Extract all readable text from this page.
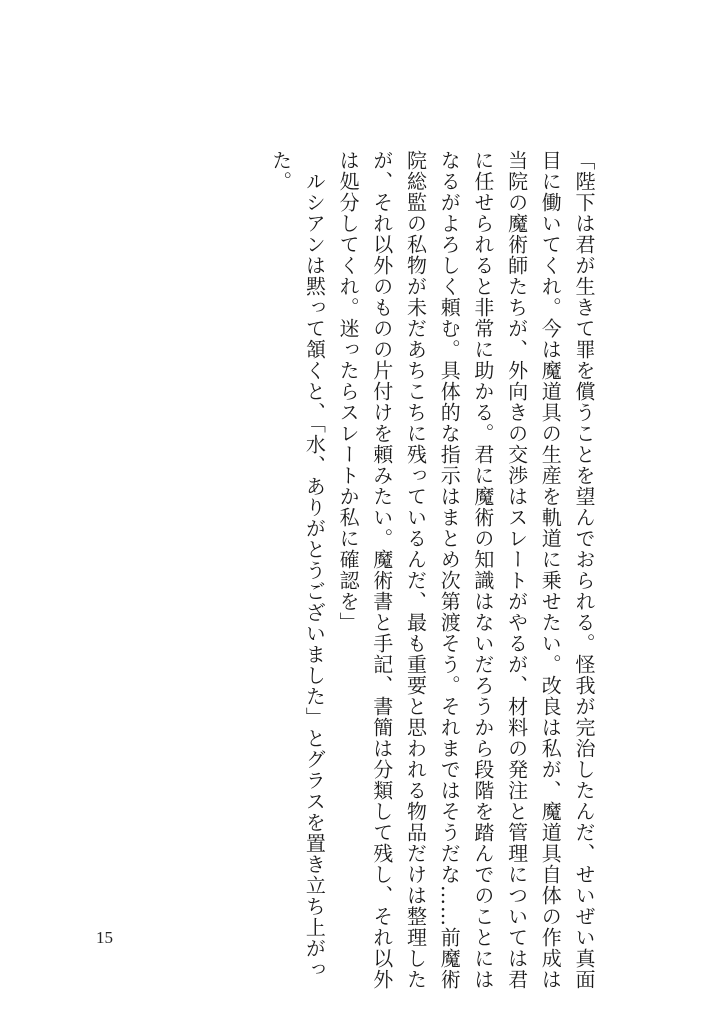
「陛下は君が生きて罪を償うことを望んでおられる。怪我が完治したんだ、せいぜい真面

目に働いてくれ。今は魔道具の生産を軌道に乗せたい。改良は私が、魔道具自体の作成は

当院の魔術師たちが、外向きの交渉はスレートがやるが、材料の発注と管理については君

に任せられると非常に助かる。君に魔術の知識はないだろうから段階を踏んでのことには

なるがよろしく頼む。具体的な指示はまとめ次第渡そう。それまではそうだな……前魔術

院総監の私物が未だあちこちに残っているんだ、最も重要と思われる物品だけは整理した

が、それ以外のものの片付けを頼みたい。魔術書と手記、書簡は分類して残し、それ以外

は処分してくれ。迷ったらスレートか私に確認を」

　ルシアンは黙って頷くと、「水、ありがとうございました」とグラスを置き立ち上がっ

た。

15
